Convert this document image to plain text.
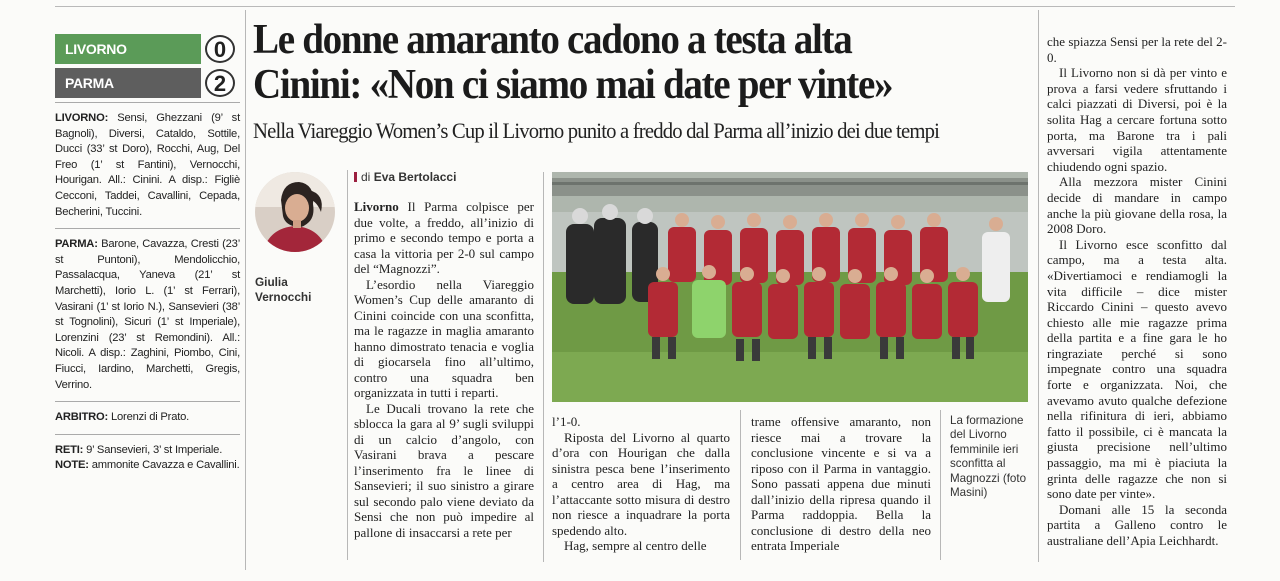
LIVORNO	0
PARMA	2

LIVORNO: Sensi, Ghezzani (9’ st Bagnoli), Diversi, Cataldo, Sottile, Ducci (33’ st Doro), Rocchi, Aug, Del Freo (1’ st Fantini), Vernocchi, Hourigan. All.: Cinini. A disp.: Figliè Cecconi, Taddei, Cavallini, Cepada, Becherini, Tuccini.

PARMA: Barone, Cavazza, Cresti (23’ st Puntoni), Mendolicchio, Passalacqua, Yaneva (21’ st Marchetti), Iorio L. (1’ st Ferrari), Vasirani (1’ st Iorio N.), Sansevieri (38’ st Tognolini), Sicuri (1’ st Imperiale), Lorenzini (23’ st Remondini). All.: Nicoli. A disp.: Zaghini, Piombo, Cini, Fiucci, Iardino, Marchetti, Gregis, Verrino.

ARBITRO: Lorenzi di Prato.

RETI: 9’ Sansevieri, 3’ st Imperiale.

NOTE: ammonite Cavazza e Cavallini.

Le donne amaranto cadono a testa alta
Cinini: «Non ci siamo mai date per vinte»
Nella Viareggio Women’s Cup il Livorno punito a freddo dal Parma all’inizio dei due tempi
Giulia Vernocchi
di Eva Bertolacci

Livorno Il Parma colpisce per due volte, a freddo, all’inizio di primo e secondo tempo e porta a casa la vittoria per 2-0 sul campo del “Magnozzi”.

L’esordio nella Viareggio Women’s Cup delle amaranto di Cinini coincide con una sconfitta, ma le ragazze in maglia amaranto hanno dimostrato tenacia e voglia di giocarsela fino all’ultimo, contro una squadra ben organizzata in tutti i reparti.

Le Ducali trovano la rete che sblocca la gara al 9’ sugli sviluppi di un calcio d’angolo, con Vasirani brava a pescare l’inserimento fra le linee di Sansevieri; il suo sinistro a girare sul secondo palo viene deviato da Sensi che non può impedire al pallone di insaccarsi a rete per

l’1-0.

Riposta del Livorno al quarto d’ora con Hourigan che dalla sinistra pesca bene l’inserimento a centro area di Hag, ma l’attaccante sotto misura di destro non riesce a inquadrare la porta spedendo alto.

Hag, sempre al centro delle

trame offensive amaranto, non riesce mai a trovare la conclusione vincente e si va a riposo con il Parma in vantaggio. Sono passati appena due minuti dall’inizio della ripresa quando il Parma raddoppia. Bella la conclusione di destro della neo entrata Imperiale

La formazione del Livorno femminile ieri sconfitta al Magnozzi (foto Masini)

che spiazza Sensi per la rete del 2-0.

Il Livorno non si dà per vinto e prova a farsi vedere sfruttando i calci piazzati di Diversi, poi è la solita Hag a cercare fortuna sotto porta, ma Barone tra i pali avversari vigila attentamente chiudendo ogni spazio.

Alla mezzora mister Cinini decide di mandare in campo anche la più giovane della rosa, la 2008 Doro.

Il Livorno esce sconfitto dal campo, ma a testa alta. «Divertiamoci e rendiamogli la vita difficile – dice mister Riccardo Cinini – questo avevo chiesto alle mie ragazze prima della partita e a fine gara le ho ringraziate perché si sono impegnate contro una squadra forte e organizzata. Noi, che avevamo avuto qualche defezione nella rifinitura di ieri, abbiamo fatto il possibile, ci è mancata la giusta precisione nell’ultimo passaggio, ma mi è piaciuta la grinta delle ragazze che non si sono date per vinte».

Domani alle 15 la seconda partita a Galleno contro le australiane dell’Apia Leichhardt.
